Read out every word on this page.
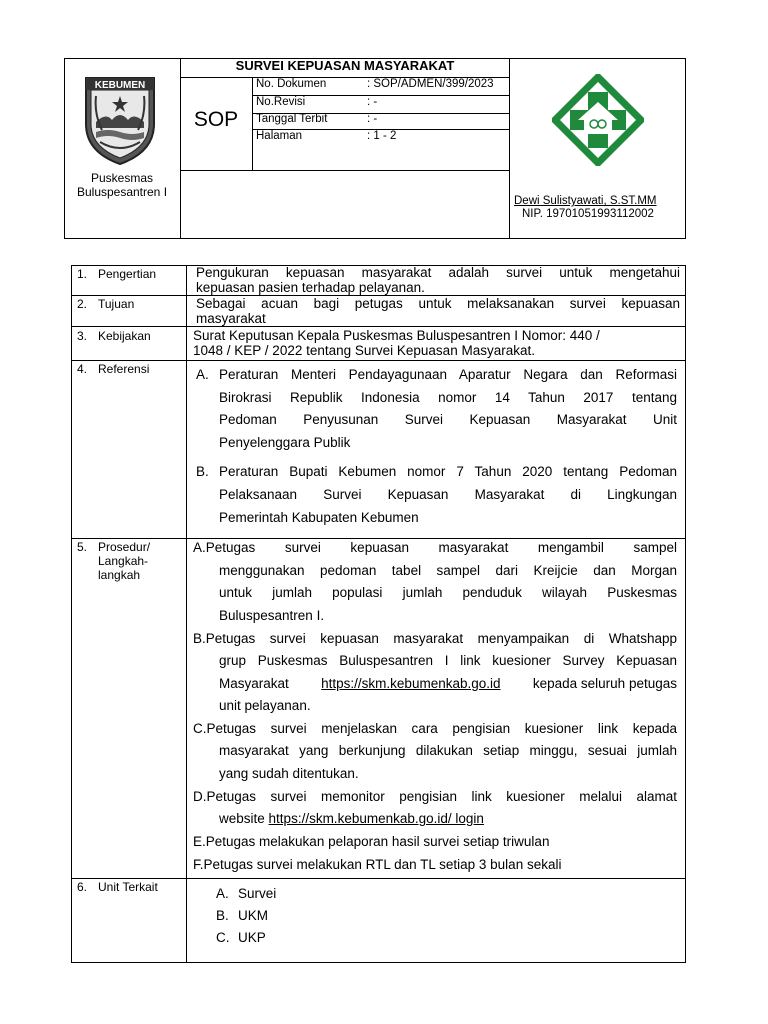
KEBUMEN
Puskesmas
Buluspesantren I
SURVEI KEPUASAN MASYARAKAT
SOP
No. Dokumen	: SOP/ADMEN/399/2023
No.Revisi	: -
Tanggal Terbit	: -
Halaman	: 1 - 2
Dewi Sulistyawati, S.ST.MM
NIP. 19701051993112002
1. Pengertian	Pengukuran kepuasan masyarakat adalah survei untuk mengetahui
kepuasan pasien terhadap pelayanan.
2. Tujuan	Sebagai acuan bagi petugas untuk melaksanakan survei kepuasan
masyarakat
3. Kebijakan	Surat Keputusan Kepala Puskesmas Buluspesantren I Nomor: 440 /
1048 / KEP / 2022 tentang Survei Kepuasan Masyarakat.
4. Referensi	A. Peraturan Menteri Pendayagunaan Aparatur Negara dan Reformasi
Birokrasi Republik Indonesia nomor 14 Tahun 2017 tentang
Pedoman Penyusunan Survei Kepuasan Masyarakat Unit
Penyelenggara Publik
B. Peraturan Bupati Kebumen nomor 7 Tahun 2020 tentang Pedoman
Pelaksanaan Survei Kepuasan Masyarakat di Lingkungan
Pemerintah Kabupaten Kebumen
5. Prosedur/
Langkah-
langkah
A.Petugas survei kepuasan masyarakat mengambil sampel
menggunakan pedoman tabel sampel dari Kreijcie dan Morgan
untuk jumlah populasi jumlah penduduk wilayah Puskesmas
Buluspesantren I.
B.Petugas survei kepuasan masyarakat menyampaikan di Whatshapp
grup Puskesmas Buluspesantren I link kuesioner Survey Kepuasan
Masyarakat https://skm.kebumenkab.go.id kepada seluruh petugas
unit pelayanan.
C.Petugas survei menjelaskan cara pengisian kuesioner link kepada
masyarakat yang berkunjung dilakukan setiap minggu, sesuai jumlah
yang sudah ditentukan.
D.Petugas survei memonitor pengisian link kuesioner melalui alamat
website https://skm.kebumenkab.go.id/ login
E.Petugas melakukan pelaporan hasil survei setiap triwulan
F.Petugas survei melakukan RTL dan TL setiap 3 bulan sekali
6. Unit Terkait	A. Survei
B. UKM
C. UKP
